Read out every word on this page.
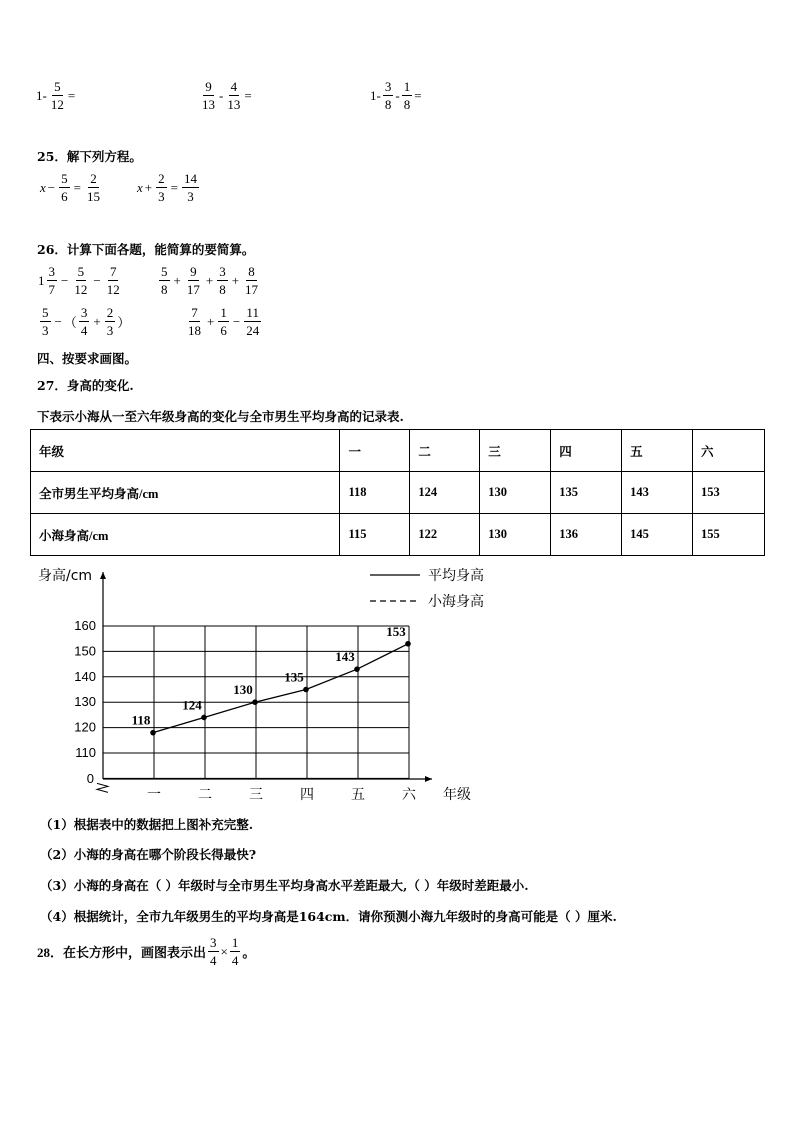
$1- \frac{5}{12}$ =	$\frac{9}{13} - \frac{4}{13}$ =	$1- \frac{3}{8} - \frac{1}{8}$ =
25．解下列方程。
$x - \frac{5}{6} = \frac{2}{15}$	$x + \frac{2}{3} = \frac{14}{3}$
26．计算下面各题，能简算的要简算。
$1 \frac{3}{7} - \frac{5}{12} - \frac{7}{12}$	$\frac{5}{8} + \frac{9}{17} + \frac{3}{8} + \frac{8}{17}$
$\frac{5}{3}$ − （ $\frac{3}{4} + \frac{2}{3}$ ）	$\frac{7}{18} + \frac{1}{6} - \frac{11}{24}$
四、按要求画图。
27．身高的变化.
下表示小海从一至六年级身高的变化与全市男生平均身高的记录表.
年级	一	二	三	四	五	六
全市男生平均身高/cm	118	124	130	135	143	153
小海身高/cm	115	122	130	136	145	155
160
150
140
130
120
110
0
一	二	三	四	五	六 年级
身高/cm
118
124
130
135
143
153
平均身高
小海身高
（1）根据表中的数据把上图补充完整.
（2）小海的身高在哪个阶段长得最快?
（3）小海的身高在（ ）年级时与全市男生平均身高水平差距最大,（ ）年级时差距最小.
（4）根据统计，全市九年级男生的平均身高是164cm．请你预测小海九年级时的身高可能是（ ）厘米.
28．在长方形中，画图表示出 $\frac{3}{4} \times \frac{1}{4}$ 。
